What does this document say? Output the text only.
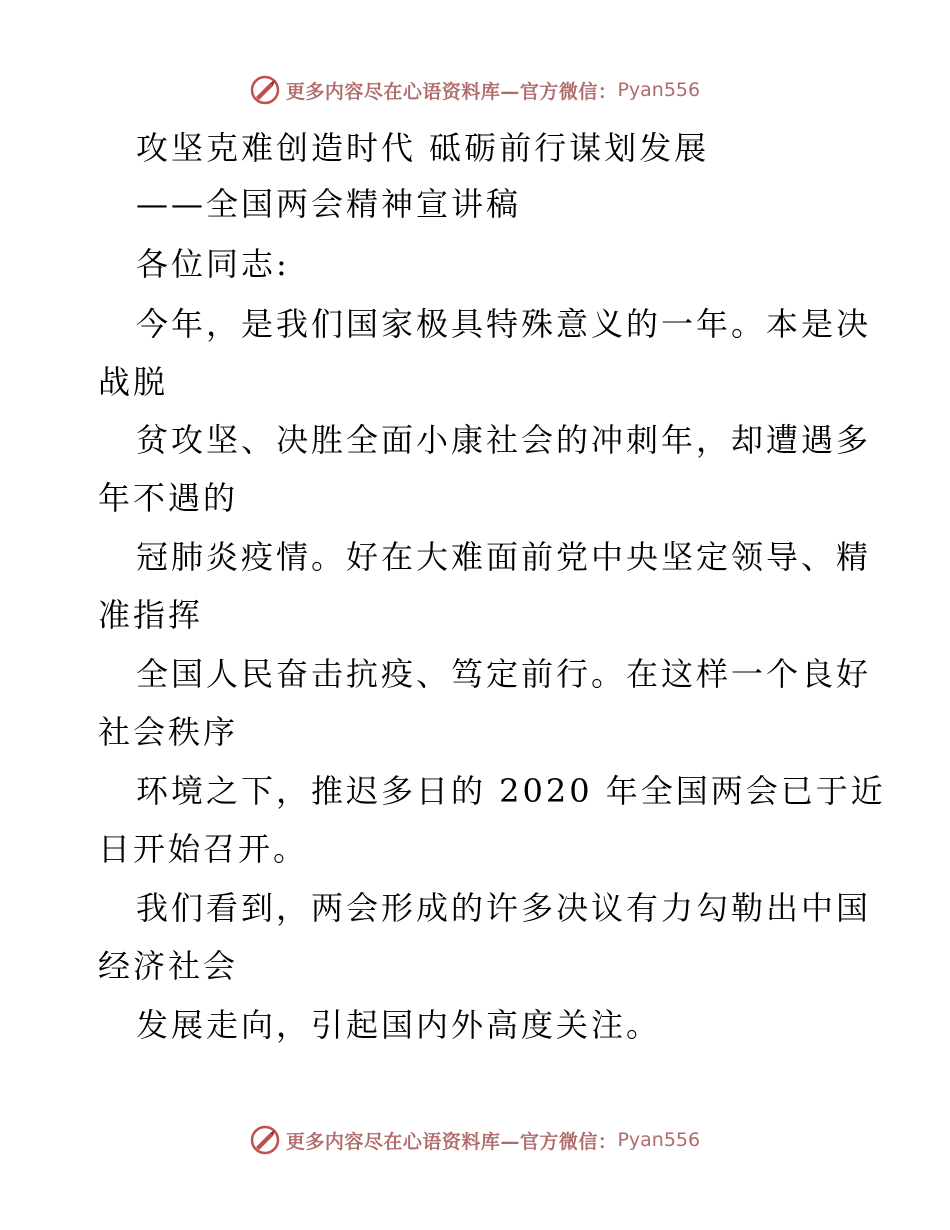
更多内容尽在心语资料库— 官方微信： Pyan556
攻坚克难创造时代 砥砺前行谋划发展
——全国两会精神宣讲稿
各位同志:
今年，是我们国家极具特殊意义的一年。本是决
战脱
贫攻坚、决胜全面小康社会的冲刺年，却遭遇多
年不遇的
冠肺炎疫情。好在大难面前党中央坚定领导、精
准指挥
全国人民奋击抗疫、笃定前行。在这样一个良好
社会秩序
环境之下，推迟多日的 2020 年全国两会已于近
日开始召开。
我们看到，两会形成的许多决议有力勾勒出中国
经济社会
发展走向，引起国内外高度关注。
更多内容尽在心语资料库— 官方微信： Pyan556
